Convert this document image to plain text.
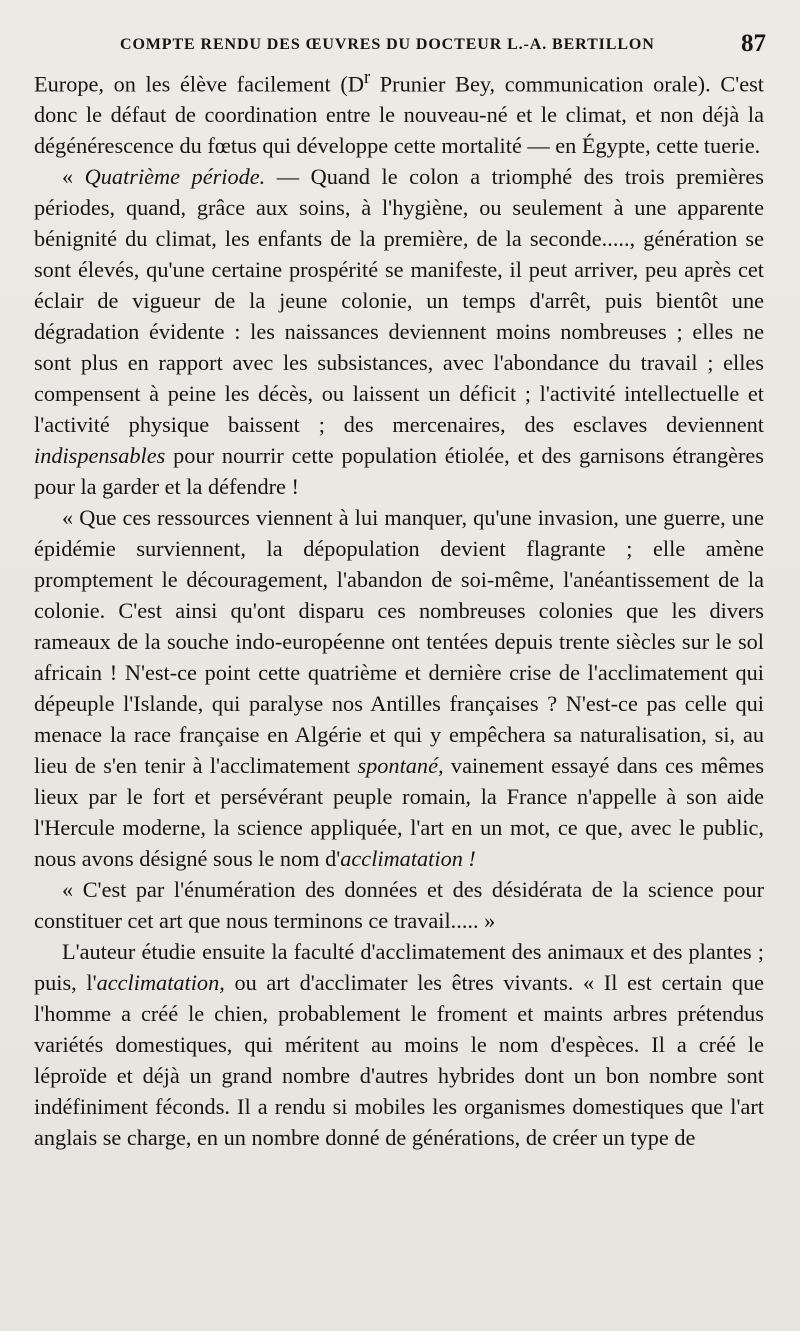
COMPTE RENDU DES ŒUVRES DU DOCTEUR L.-A. BERTILLON	87

Europe, on les élève facilement ($D^r$ Prunier Bey, communication orale). C'est donc le défaut de coordination entre le nouveau-né et le climat, et non déjà la dégénérescence du fœtus qui développe cette mortalité — en Égypte, cette tuerie.

« Quatrième période. — Quand le colon a triomphé des trois premières périodes, quand, grâce aux soins, à l'hygiène, ou seulement à une apparente bénignité du climat, les enfants de la première, de la seconde....., génération se sont élevés, qu'une certaine prospérité se manifeste, il peut arriver, peu après cet éclair de vigueur de la jeune colonie, un temps d'arrêt, puis bientôt une dégradation évidente : les naissances deviennent moins nombreuses ; elles ne sont plus en rapport avec les subsistances, avec l'abondance du travail ; elles compensent à peine les décès, ou laissent un déficit ; l'activité intellectuelle et l'activité physique baissent ; des mercenaires, des esclaves deviennent indispensables pour nourrir cette population étiolée, et des garnisons étrangères pour la garder et la défendre !

« Que ces ressources viennent à lui manquer, qu'une invasion, une guerre, une épidémie surviennent, la dépopulation devient flagrante ; elle amène promptement le découragement, l'abandon de soi-même, l'anéantissement de la colonie. C'est ainsi qu'ont disparu ces nombreuses colonies que les divers rameaux de la souche indo-européenne ont tentées depuis trente siècles sur le sol africain ! N'est-ce point cette quatrième et dernière crise de l'acclimatement qui dépeuple l'Islande, qui paralyse nos Antilles françaises ? N'est-ce pas celle qui menace la race française en Algérie et qui y empêchera sa naturalisation, si, au lieu de s'en tenir à l'acclimatement spontané, vainement essayé dans ces mêmes lieux par le fort et persévérant peuple romain, la France n'appelle à son aide l'Hercule moderne, la science appliquée, l'art en un mot, ce que, avec le public, nous avons désigné sous le nom d'acclimatation !

« C'est par l'énumération des données et des désidérata de la science pour constituer cet art que nous terminons ce travail..... »

L'auteur étudie ensuite la faculté d'acclimatement des animaux et des plantes ; puis, l'acclimatation, ou art d'acclimater les êtres vivants. « Il est certain que l'homme a créé le chien, probablement le froment et maints arbres prétendus variétés domestiques, qui méritent au moins le nom d'espèces. Il a créé le léproïde et déjà un grand nombre d'autres hybrides dont un bon nombre sont indéfiniment féconds. Il a rendu si mobiles les organismes domestiques que l'art anglais se charge, en un nombre donné de générations, de créer un type de
